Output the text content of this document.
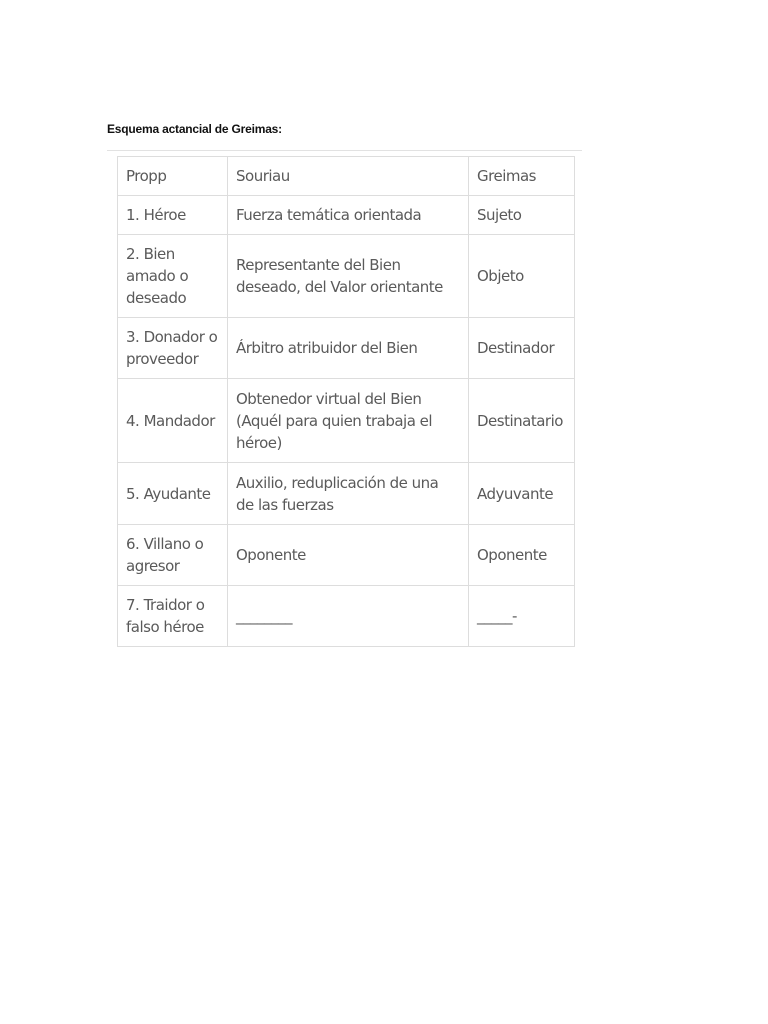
Esquema actancial de Greimas:
Propp	Souriau	Greimas
1. Héroe	Fuerza temática orientada	Sujeto
2. Bien amado o deseado	Representante del Bien deseado, del Valor orientante	Objeto
3. Donador o proveedor	Árbitro atribuidor del Bien	Destinador
4. Mandador	Obtenedor virtual del Bien (Aquél para quien trabaja el héroe)	Destinatario
5. Ayudante	Auxilio, reduplicación de una de las fuerzas	Adyuvante
6. Villano o agresor	Oponente	Oponente
7. Traidor o falso héroe	________	_____-
